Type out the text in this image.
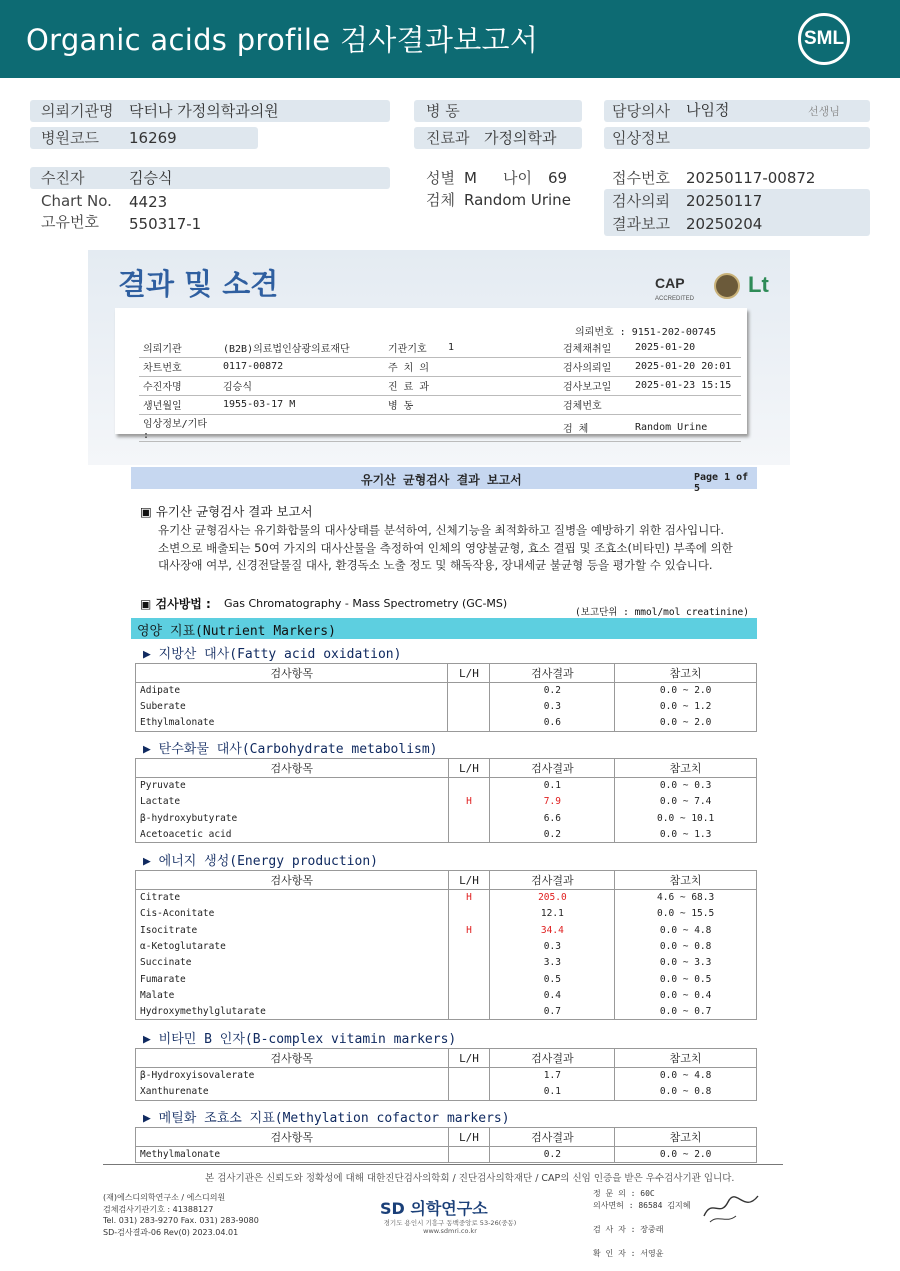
Organic acids profile 검사결과보고서	SML
의뢰기관명 닥터나 가정의학과의원	병 동	담당의사 나임정	선생님
병원코드 16269	진료과 가정의학과	임상정보
수진자	김승식	성별 M 나이 69	접수번호 20250117-00872
Chart No. 4423	검체 Random Urine	검사의뢰 20250117
고유번호 550317-1	결과보고 20250204
결과 및 소견	CAP
ACCREDITED
Lt
의뢰번호 : 9151-202-00745
의뢰기관	(B2B)의료법인삼광의료재단	기관기호	1	검체채취일	2025-01-20
차트번호	0117-00872	주 치 의		검사의뢰일	2025-01-20 20:01
수진자명	김승식	진 료 과		검사보고일	2025-01-23 15:15
생년월일	1955-03-17 M	병 동		검체번호	
임상정보/기타 :				검 체	Random Urine
유기산 균형검사 결과 보고서	Page 1 of 5
▣ 유기산 균형검사 결과 보고서
유기산 균형검사는 유기화합물의 대사상태를 분석하여, 신체기능을 최적화하고 질병을 예방하기 위한 검사입니다. 소변으로 배출되는 50여 가지의 대사산물을 측정하여 인체의 영양불균형, 효소 결핍 및 조효소(비타민) 부족에 의한 대사장애 여부, 신경전달물질 대사, 환경독소 노출 정도 및 해독작용, 장내세균 불균형 등을 평가할 수 있습니다.
▣ 검사방법 : Gas Chromatography - Mass Spectrometry (GC-MS)
(보고단위 : mmol/mol creatinine)
영양 지표(Nutrient Markers)
▶ 지방산 대사(Fatty acid oxidation)
검사항목	L/H	검사결과	참고치
Adipate		0.2	0.0 ~ 2.0
Suberate		0.3	0.0 ~ 1.2
Ethylmalonate		0.6	0.0 ~ 2.0
▶ 탄수화물 대사(Carbohydrate metabolism)
검사항목	L/H	검사결과	참고치
Pyruvate		0.1	0.0 ~ 0.3
Lactate	H	7.9	0.0 ~ 7.4
β-hydroxybutyrate		6.6	0.0 ~ 10.1
Acetoacetic acid		0.2	0.0 ~ 1.3
▶ 에너지 생성(Energy production)
검사항목	L/H	검사결과	참고치
Citrate	H	205.0	4.6 ~ 68.3
Cis-Aconitate		12.1	0.0 ~ 15.5
Isocitrate	H	34.4	0.0 ~ 4.8
α-Ketoglutarate		0.3	0.0 ~ 0.8
Succinate		3.3	0.0 ~ 3.3
Fumarate		0.5	0.0 ~ 0.5
Malate		0.4	0.0 ~ 0.4
Hydroxymethylglutarate		0.7	0.0 ~ 0.7
▶ 비타민 B 인자(B-complex vitamin markers)
검사항목	L/H	검사결과	참고치
β-Hydroxyisovalerate		1.7	0.0 ~ 4.8
Xanthurenate		0.1	0.0 ~ 0.8
▶ 메틸화 조효소 지표(Methylation cofactor markers)
검사항목	L/H	검사결과	참고치
Methylmalonate		0.2	0.0 ~ 2.0
본 검사기관은 신뢰도와 정확성에 대해 대한진단검사의학회 / 진단검사의학재단 / CAP의 신임 인증을 받은 우수검사기관 입니다.
(재)에스디의학연구소 / 에스디의원
검체검사기관기호 : 41388127
Tel. 031) 283-9270 Fax. 031) 283-9080
SD-검사결과-06 Rev(0) 2023.04.01
SD 의학연구소
경기도 용인시 기흥구 동백중앙로 53-26(중동)
www.sdmri.co.kr
정 문 의 : 60C
의사면허 : 86584 김지혜

검 사 자 : 장중래

확 인 자 : 서영윤
